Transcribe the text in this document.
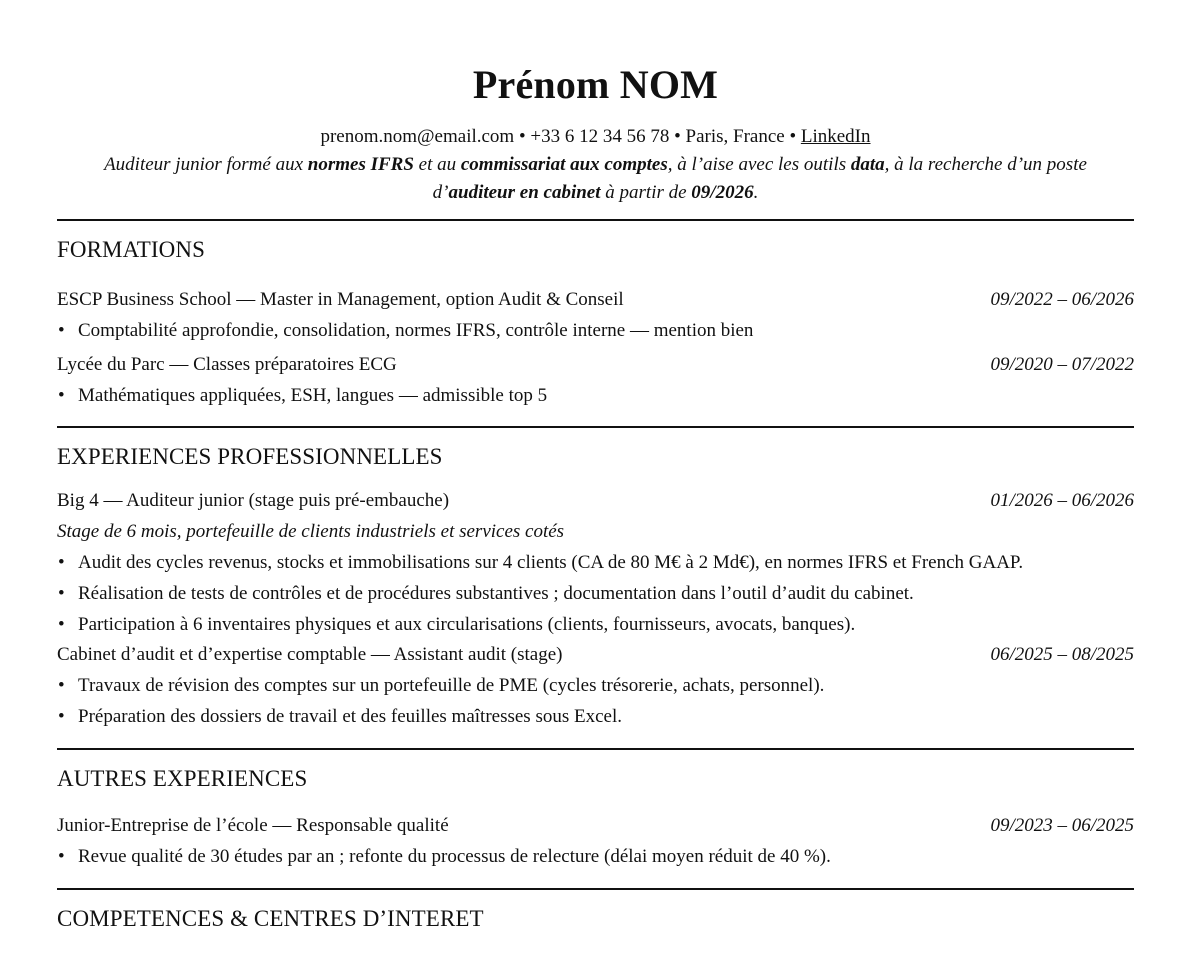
Prénom NOM
prenom.nom@email.com • +33 6 12 34 56 78 • Paris, France • LinkedIn
Auditeur junior formé aux normes IFRS et au commissariat aux comptes, à l’aise avec les outils data, à la recherche d’un poste d’auditeur en cabinet à partir de 09/2026.
FORMATIONS
ESCP Business School — Master in Management, option Audit & Conseil	09/2022 – 06/2026
• Comptabilité approfondie, consolidation, normes IFRS, contrôle interne — mention bien
Lycée du Parc — Classes préparatoires ECG	09/2020 – 07/2022
• Mathématiques appliquées, ESH, langues — admissible top 5
EXPERIENCES PROFESSIONNELLES
Big 4 — Auditeur junior (stage puis pré-embauche)	01/2026 – 06/2026
Stage de 6 mois, portefeuille de clients industriels et services cotés
• Audit des cycles revenus, stocks et immobilisations sur 4 clients (CA de 80 M€ à 2 Md€), en normes IFRS et French GAAP.
• Réalisation de tests de contrôles et de procédures substantives ; documentation dans l’outil d’audit du cabinet.
• Participation à 6 inventaires physiques et aux circularisations (clients, fournisseurs, avocats, banques).
Cabinet d’audit et d’expertise comptable — Assistant audit (stage)	06/2025 – 08/2025
• Travaux de révision des comptes sur un portefeuille de PME (cycles trésorerie, achats, personnel).
• Préparation des dossiers de travail et des feuilles maîtresses sous Excel.
AUTRES EXPERIENCES
Junior-Entreprise de l’école — Responsable qualité	09/2023 – 06/2025
• Revue qualité de 30 études par an ; refonte du processus de relecture (délai moyen réduit de 40 %).
COMPETENCES & CENTRES D’INTERET
